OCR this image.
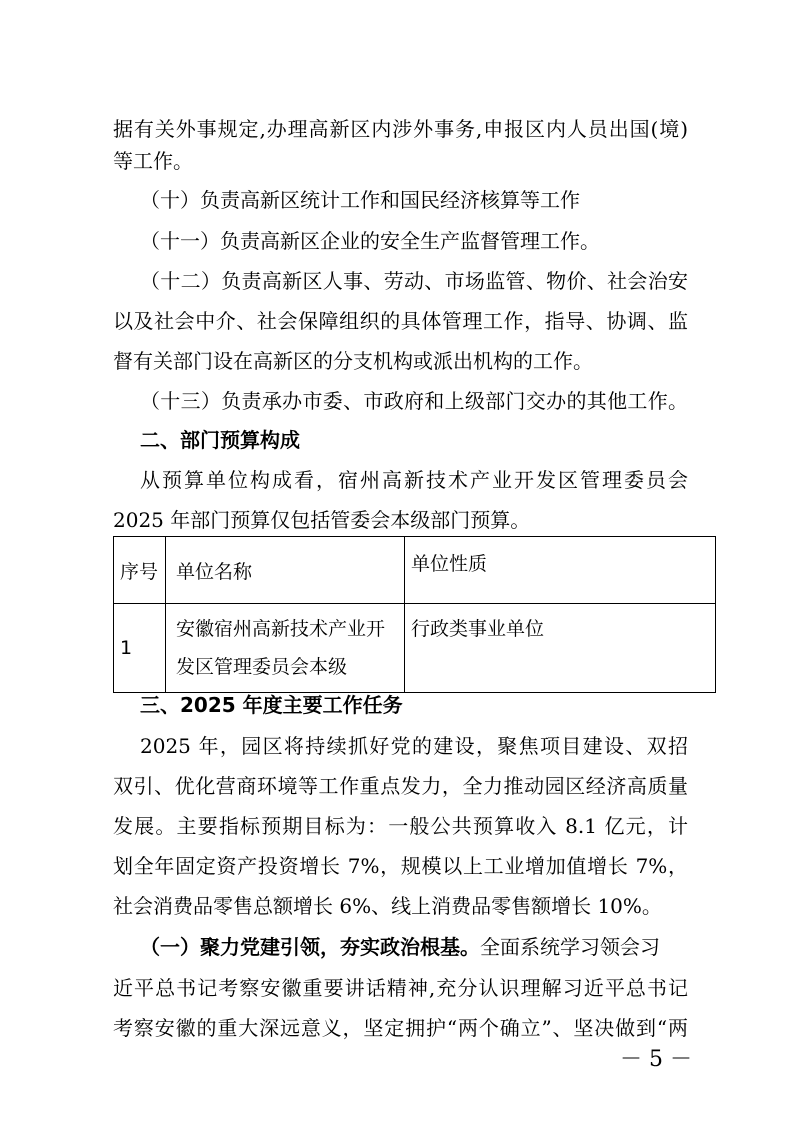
据有关外事规定,办理高新区内涉外事务,申报区内人员出国(境)
等工作。
（十）负责高新区统计工作和国民经济核算等工作
（十一）负责高新区企业的安全生产监督管理工作。
（十二）负责高新区人事、劳动、市场监管、物价、社会治安
以及社会中介、社会保障组织的具体管理工作，指导、协调、监
督有关部门设在高新区的分支机构或派出机构的工作。
（十三）负责承办市委、市政府和上级部门交办的其他工作。
二、部门预算构成
从预算单位构成看，宿州高新技术产业开发区管理委员会
2025 年部门预算仅包括管委会本级部门预算。
序号	单位名称	单位性质
1	安徽宿州高新技术产业开发区管理委员会本级	行政类事业单位
三、2025 年度主要工作任务
2025 年，园区将持续抓好党的建设，聚焦项目建设、双招
双引、优化营商环境等工作重点发力，全力推动园区经济高质量
发展。主要指标预期目标为：一般公共预算收入 8.1 亿元，计
划全年固定资产投资增长 7%，规模以上工业增加值增长 7%，
社会消费品零售总额增长 6%、线上消费品零售额增长 10%。
（一）聚力党建引领，夯实政治根基。全面系统学习领会习
近平总书记考察安徽重要讲话精神,充分认识理解习近平总书记
考察安徽的重大深远意义，坚定拥护“两个确立”、坚决做到“两
－ 5 －
